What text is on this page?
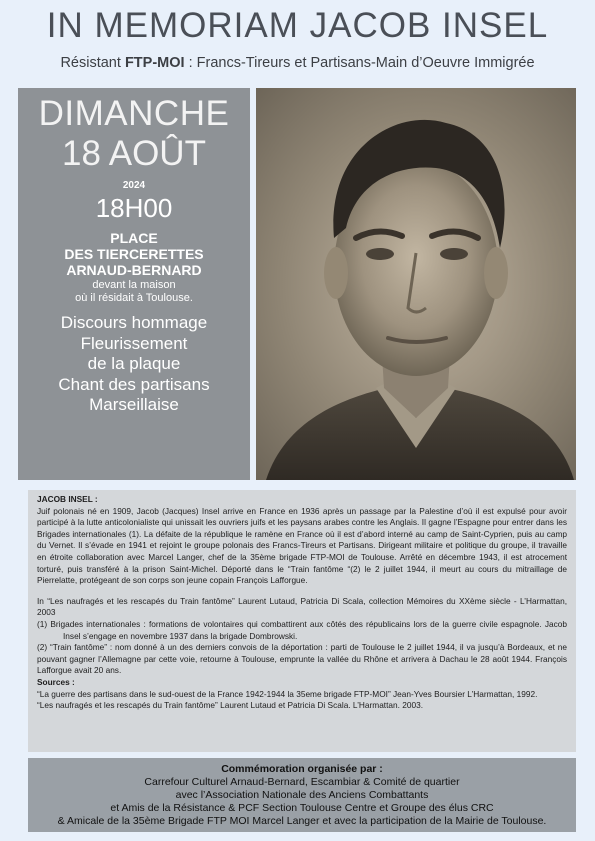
IN MEMORIAM JACOB INSEL
Résistant FTP-MOI : Francs-Tireurs et Partisans-Main d’Oeuvre Immigrée
DIMANCHE
18 AOÛT
2024
18H00
PLACE
DES TIERCERETTES
ARNAUD-BERNARD
devant la maison
où il résidait à Toulouse.
Discours hommage
Fleurissement
de la plaque
Chant des partisans
Marseillaise

JACOB INSEL :

Juif polonais né en 1909, Jacob (Jacques) Insel arrive en France en 1936 après un passage par la Palestine d’où il est expulsé pour avoir participé à la lutte anticolonialiste qui unissait les ouvriers juifs et les paysans arabes contre les Anglais. Il gagne l’Espagne pour entrer dans les Brigades internationales (1). La défaite de la république le ramène en France où il est d’abord interné au camp de Saint-Cyprien, puis au camp du Vernet. Il s’évade en 1941 et rejoint le groupe polonais des Francs-Tireurs et Partisans. Dirigeant militaire et politique du groupe, il travaille en étroite collaboration avec Marcel Langer, chef de la 35ème brigade FTP-MOI de Toulouse. Arrêté en décembre 1943, il est atrocement torturé, puis transféré à la prison Saint-Michel. Déporté dans le “Train fantôme “(2) le 2 juillet 1944, il meurt au cours du mitraillage de Pierrelatte, protégeant de son corps son jeune copain François Lafforgue.

In “Les naufragés et les rescapés du Train fantôme” Laurent Lutaud, Patricia Di Scala, collection Mémoires du XXème siècle - L’Harmattan, 2003

(1) Brigades internationales : formations de volontaires qui combattirent aux côtés des républicains lors de la guerre civile espagnole. Jacob Insel s’engage en novembre 1937 dans la brigade Dombrowski.

(2) “Train fantôme” : nom donné à un des derniers convois de la déportation : parti de Toulouse le 2 juillet 1944, il va jusqu’à Bordeaux, et ne pouvant gagner l’Allemagne par cette voie, retourne à Toulouse, emprunte la vallée du Rhône et arrivera à Dachau le 28 août 1944. François Lafforgue avait 20 ans.

Sources :

“La guerre des partisans dans le sud-ouest de la France 1942-1944 la 35eme brigade FTP-MOI” Jean-Yves Boursier L’Harmattan, 1992.

“Les naufragés et les rescapés du Train fantôme” Laurent Lutaud et Patricia Di Scala. L’Harmattan. 2003.

Commémoration organisée par :
Carrefour Culturel Arnaud-Bernard, Escambiar & Comité de quartier
avec l’Association Nationale des Anciens Combattants
et Amis de la Résistance & PCF Section Toulouse Centre et Groupe des élus CRC
& Amicale de la 35ème Brigade FTP MOI Marcel Langer et avec la participation de la Mairie de Toulouse.
